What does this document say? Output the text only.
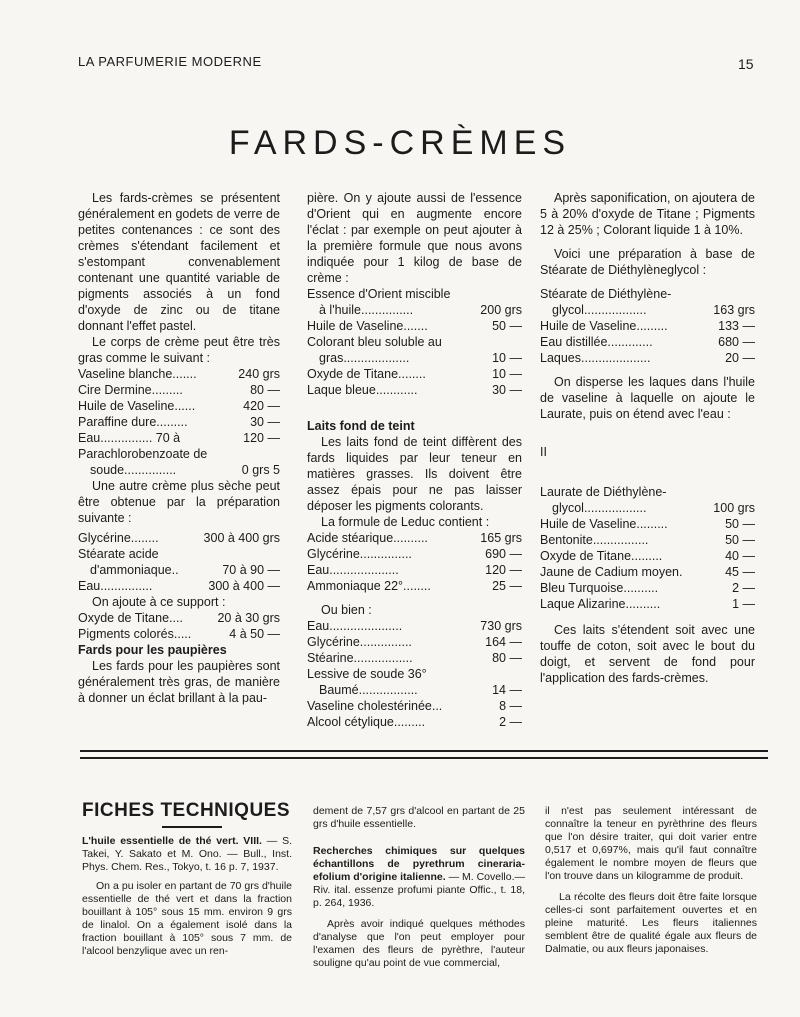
LA PARFUMERIE MODERNE	15
FARDS-CRÈMES

Les fards-crèmes se présentent généralement en godets de verre de petites contenances : ce sont des crèmes s'étendant facilement et s'estompant convenablement contenant une quantité variable de pigments associés à un fond d'oxyde de zinc ou de titane donnant l'effet pastel.

Le corps de crème peut être très gras comme le suivant :

Vaseline blanche.......	240 grs
Cire Dermine.........	80 —
Huile de Vaseline......	420 —
Paraffine dure.........	30 —
Eau............... 70 à	120 —
Parachlorobenzoate de
soude...............	0 grs 5

Une autre crème plus sèche peut être obtenue par la préparation suivante :

Glycérine........	300 à 400 grs
Stéarate acide
d'ammoniaque..	70 à 90 —
Eau...............	300 à 400 —

On ajoute à ce support :

Oxyde de Titane....	20 à 30 grs
Pigments colorés.....	4 à 50 —

Fards pour les paupières

Les fards pour les paupières sont généralement très gras, de manière à donner un éclat brillant à la pau-

pière. On y ajoute aussi de l'essence d'Orient qui en augmente encore l'éclat : par exemple on peut ajouter à la première formule que nous avons indiquée pour 1 kilog de base de crème :

Essence d'Orient miscible
à l'huile...............	200 grs
Huile de Vaseline.......	50 —
Colorant bleu soluble au
gras...................	10 —
Oxyde de Titane........	10 —
Laque bleue............	30 —

Laits fond de teint

Les laits fond de teint diffèrent des fards liquides par leur teneur en matières grasses. Ils doivent être assez épais pour ne pas laisser déposer les pigments colorants.

La formule de Leduc contient :

Acide stéarique..........	165 grs
Glycérine...............	690 —
Eau....................	120 —
Ammoniaque 22°........	25 —

Ou bien :

Eau.....................	730 grs
Glycérine...............	164 —
Stéarine.................	80 —
Lessive de soude 36°
Baumé.................	14 —
Vaseline cholestérinée...	8 —
Alcool cétylique.........	2 —

Après saponification, on ajoutera de 5 à 20% d'oxyde de Titane ; Pigments 12 à 25% ; Colorant liquide 1 à 10%.

Voici une préparation à base de Stéarate de Diéthylèneglycol :

Stéarate de Diéthylène-
glycol..................	163 grs
Huile de Vaseline.........	133 —
Eau distillée.............	680 —
Laques....................	20 —

On disperse les laques dans l'huile de vaseline à laquelle on ajoute le Laurate, puis on étend avec l'eau :

II

Laurate de Diéthylène-
glycol..................	100 grs
Huile de Vaseline.........	50 —
Bentonite................	50 —
Oxyde de Titane.........	40 —
Jaune de Cadium moyen.	45 —
Bleu Turquoise..........	2 —
Laque Alizarine..........	1 —

Ces laits s'étendent soit avec une touffe de coton, soit avec le bout du doigt, et servent de fond pour l'application des fards-crèmes.

FICHES TECHNIQUES

L'huile essentielle de thé vert. VIII. — S. Takei, Y. Sakato et M. Ono. — Bull., Inst. Phys. Chem. Res., Tokyo, t. 16 p. 7, 1937.

On a pu isoler en partant de 70 grs d'huile essentielle de thé vert et dans la fraction bouillant à 105° sous 15 mm. environ 9 grs de linalol. On a également isolé dans la fraction bouillant à 105° sous 7 mm. de l'alcool benzylique avec un ren-

dement de 7,57 grs d'alcool en partant de 25 grs d'huile essentielle.

Recherches chimiques sur quelques échantillons de pyrethrum cinerariaefolium d'origine italienne. — M. Covello.—Riv. ital. essenze profumi piante Offic., t. 18, p. 264, 1936.

Après avoir indiqué quelques méthodes d'analyse que l'on peut employer pour l'examen des fleurs de pyrèthre, l'auteur souligne qu'au point de vue commercial,

il n'est pas seulement intéressant de connaître la teneur en pyrèthrine des fleurs que l'on désire traiter, qui doit varier entre 0,517 et 0,697%, mais qu'il faut connaître également le nombre moyen de fleurs que l'on trouve dans un kilogramme de produit.

La récolte des fleurs doit être faite lorsque celles-ci sont parfaitement ouvertes et en pleine maturité. Les fleurs italiennes semblent être de qualité égale aux fleurs de Dalmatie, ou aux fleurs japonaises.
